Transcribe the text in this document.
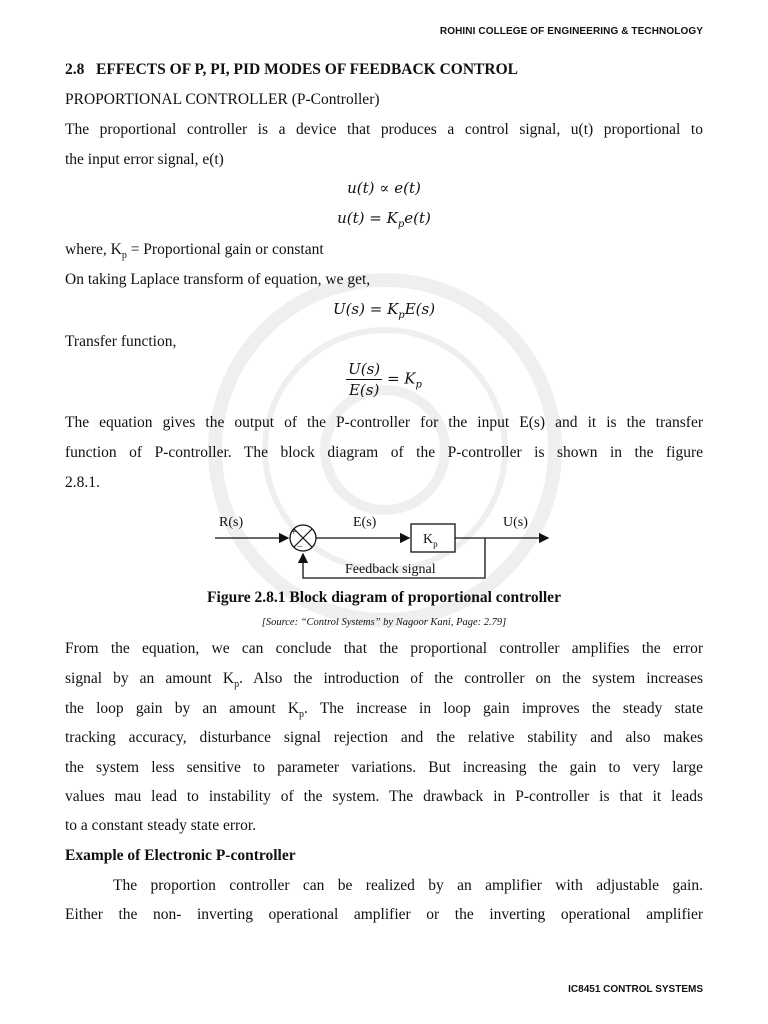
ROHINI COLLEGE OF ENGINEERING & TECHNOLOGY
2.8 EFFECTS OF P, PI, PID MODES OF FEEDBACK CONTROL
PROPORTIONAL CONTROLLER (P-Controller)
The proportional controller is a device that produces a control signal, u(t) proportional to
the input error signal, e(t)
u(t) ∝ e(t)
$u(t) = K_pe(t)$
where, $K_p$ = Proportional gain or constant
On taking Laplace transform of equation, we get,
$U(s) = K_pE(s)$
Transfer function,
$\frac{U(s)}{E(s)} = K_p$
The equation gives the output of the P-controller for the input E(s) and it is the transfer
function of P-controller. The block diagram of the P-controller is shown in the figure
2.8.1.
R(s)
+
−
E(s)
$K_p$
U(s)
Feedback signal
Figure 2.8.1 Block diagram of proportional controller
[Source: “Control Systems” by Nagoor Kani, Page: 2.79]
From the equation, we can conclude that the proportional controller amplifies the error
signal by an amount $K_p$. Also the introduction of the controller on the system increases
the loop gain by an amount $K_p$. The increase in loop gain improves the steady state
tracking accuracy, disturbance signal rejection and the relative stability and also makes
the system less sensitive to parameter variations. But increasing the gain to very large
values mau lead to instability of the system. The drawback in P-controller is that it leads
to a constant steady state error.
Example of Electronic P-controller
The proportion controller can be realized by an amplifier with adjustable gain.
Either the non- inverting operational amplifier or the inverting operational amplifier
IC8451 CONTROL SYSTEMS
